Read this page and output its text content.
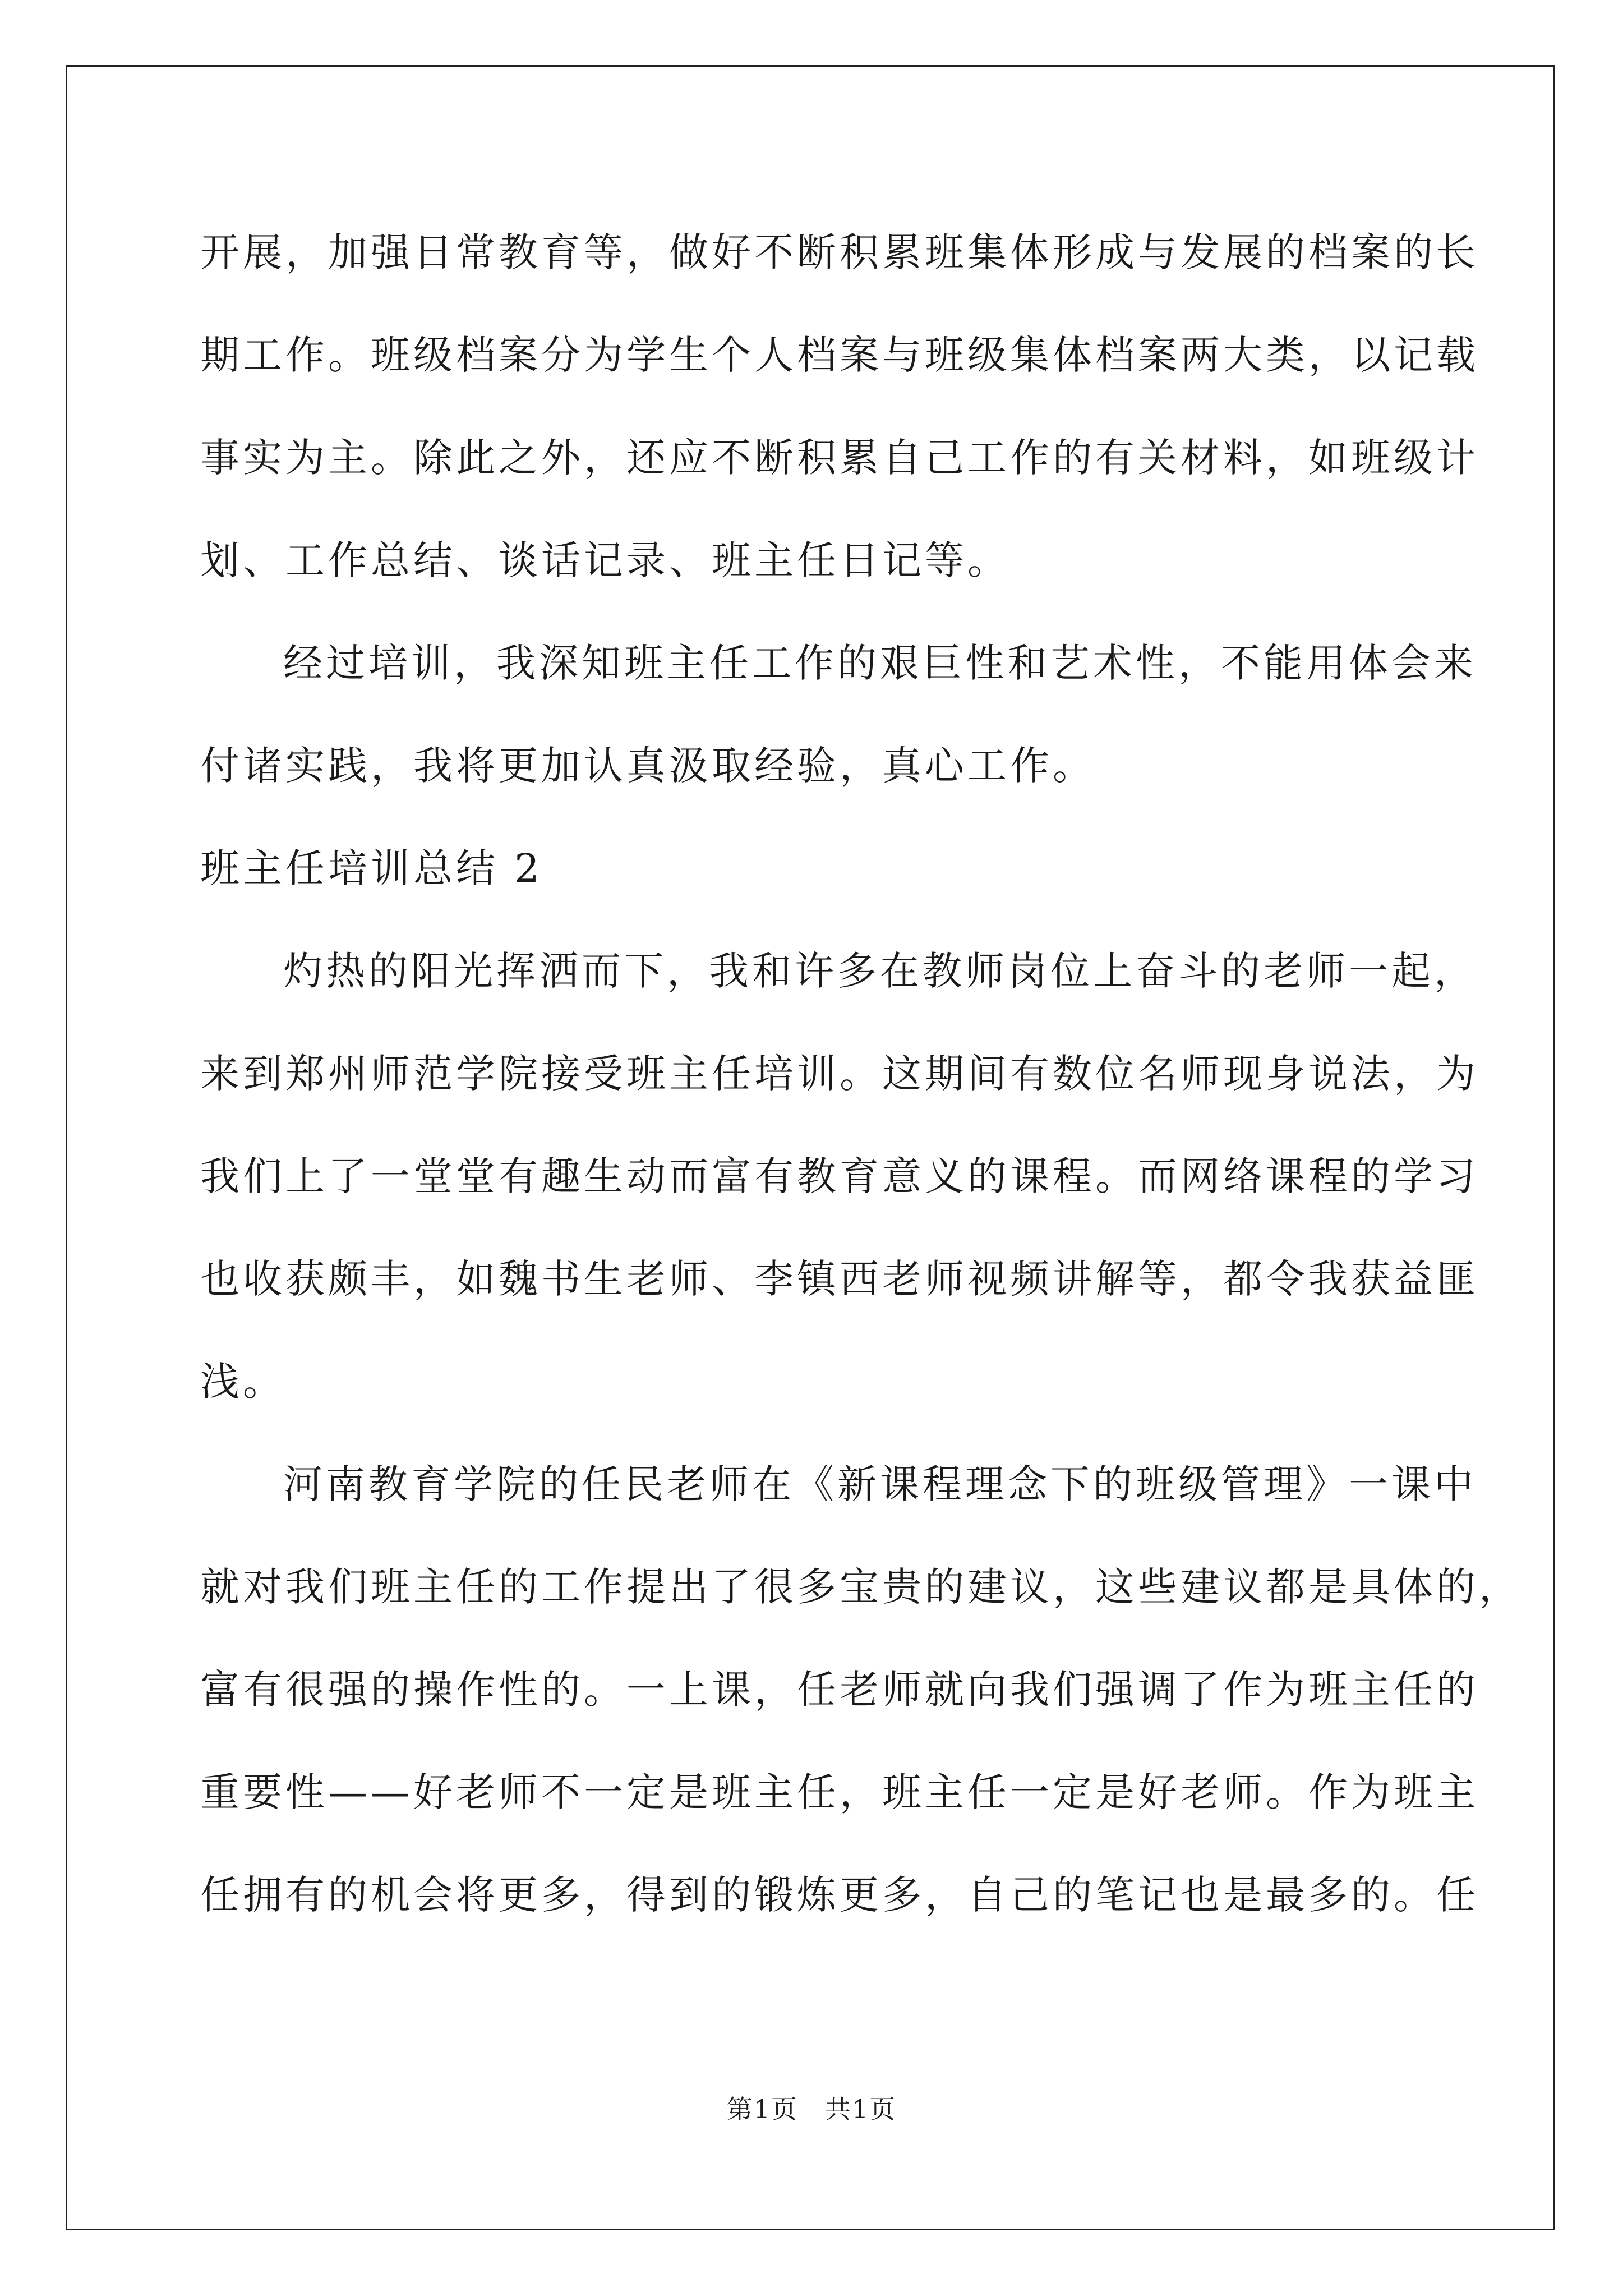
开展，加强日常教育等，做好不断积累班集体形成与发展的档案的长
期工作。班级档案分为学生个人档案与班级集体档案两大类，以记载
事实为主。除此之外，还应不断积累自己工作的有关材料，如班级计
划、工作总结、谈话记录、班主任日记等。
经过培训，我深知班主任工作的艰巨性和艺术性，不能用体会来
付诸实践，我将更加认真汲取经验，真心工作。
班主任培训总结 2
灼热的阳光挥洒而下，我和许多在教师岗位上奋斗的老师一起，
来到郑州师范学院接受班主任培训。这期间有数位名师现身说法，为
我们上了一堂堂有趣生动而富有教育意义的课程。而网络课程的学习
也收获颇丰，如魏书生老师、李镇西老师视频讲解等，都令我获益匪
浅。
河南教育学院的任民老师在《新课程理念下的班级管理》一课中
就对我们班主任的工作提出了很多宝贵的建议，这些建议都是具体的，
富有很强的操作性的。一上课，任老师就向我们强调了作为班主任的
重要性——好老师不一定是班主任，班主任一定是好老师。作为班主
任拥有的机会将更多，得到的锻炼更多，自己的笔记也是最多的。任
第1页　共1页
